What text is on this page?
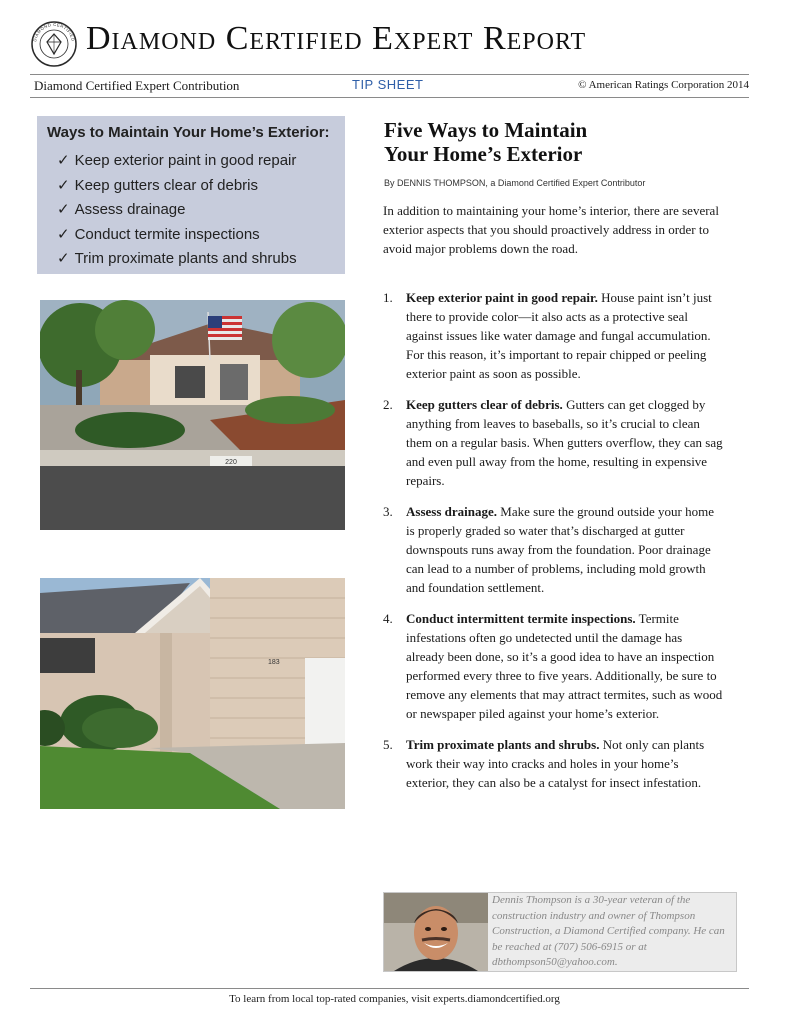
DIAMOND CERTIFIED Diamond Certified Expert Report
Diamond Certified Expert Contribution	TIP SHEET	© American Ratings Corporation 2014
Ways to Maintain Your Home’s Exterior:
✓ Keep exterior paint in good repair
✓ Keep gutters clear of debris
✓ Assess drainage
✓ Conduct termite inspections
✓ Trim proximate plants and shrubs
220
183
Five Ways to Maintain
Your Home’s Exterior
By DENNIS THOMPSON, a Diamond Certified Expert Contributor
In addition to maintaining your home’s interior, there are several exterior aspects that you should proactively address in order to avoid major problems down the road.
1. Keep exterior paint in good repair. House paint isn’t just there to provide color—it also acts as a protective seal against issues like water damage and fungal accumulation. For this reason, it’s important to repair chipped or peeling exterior paint as soon as possible.
2. Keep gutters clear of debris. Gutters can get clogged by anything from leaves to baseballs, so it’s crucial to clean them on a regular basis. When gutters overflow, they can sag and even pull away from the home, resulting in expensive repairs.
3. Assess drainage. Make sure the ground outside your home is properly graded so water that’s discharged at gutter downspouts runs away from the foundation. Poor drainage can lead to a number of problems, including mold growth and foundation settlement.
4. Conduct intermittent termite inspections. Termite infestations often go undetected until the damage has already been done, so it’s a good idea to have an inspection performed every three to five years. Additionally, be sure to remove any elements that may attract termites, such as wood or newspaper piled against your home’s exterior.
5. Trim proximate plants and shrubs. Not only can plants work their way into cracks and holes in your home’s exterior, they can also be a catalyst for insect infestation.
Dennis Thompson is a 30-year veteran of the construction industry and owner of Thompson Construction, a Diamond Certified company. He can be reached at (707) 506-6915 or at dbthompson50@yahoo.com.
To learn from local top-rated companies, visit experts.diamondcertified.org
